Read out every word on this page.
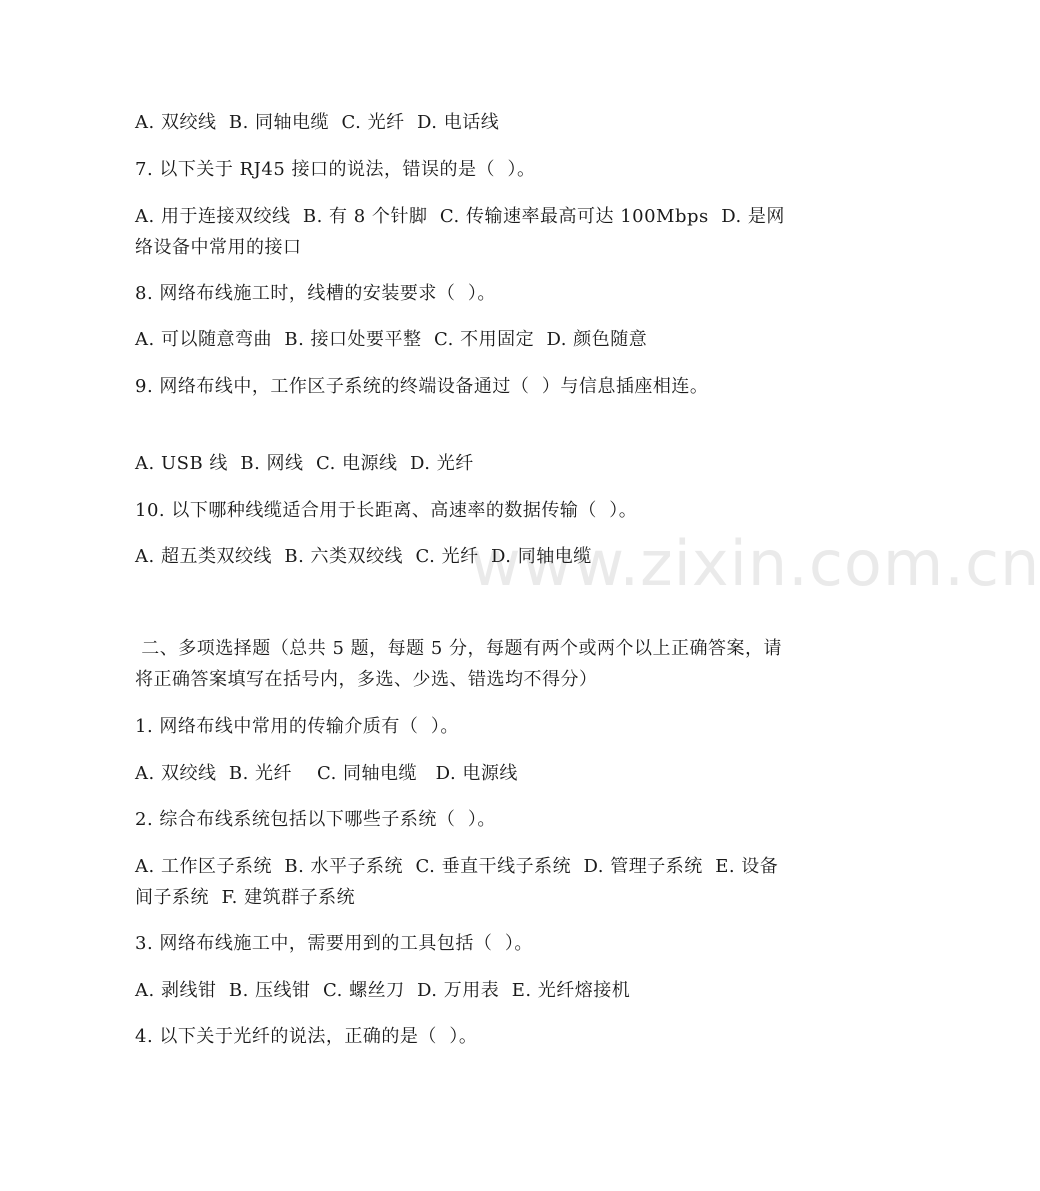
www.zixin.com.cn
A. 双绞线  B. 同轴电缆  C. 光纤  D. 电话线
7. 以下关于 RJ45 接口的说法，错误的是（  ）。
A. 用于连接双绞线  B. 有 8 个针脚  C. 传输速率最高可达 100Mbps  D. 是网络设备中常用的接口
8. 网络布线施工时，线槽的安装要求（  ）。
A. 可以随意弯曲  B. 接口处要平整  C. 不用固定  D. 颜色随意
9. 网络布线中，工作区子系统的终端设备通过（  ）与信息插座相连。
A. USB 线  B. 网线  C. 电源线  D. 光纤
10. 以下哪种线缆适合用于长距离、高速率的数据传输（  ）。
A. 超五类双绞线  B. 六类双绞线  C. 光纤  D. 同轴电缆
二、多项选择题（总共 5 题，每题 5 分，每题有两个或两个以上正确答案，请将正确答案填写在括号内，多选、少选、错选均不得分）
1. 网络布线中常用的传输介质有（  ）。
A. 双绞线  B. 光纤    C. 同轴电缆   D. 电源线
2. 综合布线系统包括以下哪些子系统（  ）。
A. 工作区子系统  B. 水平子系统  C. 垂直干线子系统  D. 管理子系统  E. 设备间子系统  F. 建筑群子系统
3. 网络布线施工中，需要用到的工具包括（  ）。
A. 剥线钳  B. 压线钳  C. 螺丝刀  D. 万用表  E. 光纤熔接机
4. 以下关于光纤的说法，正确的是（  ）。
